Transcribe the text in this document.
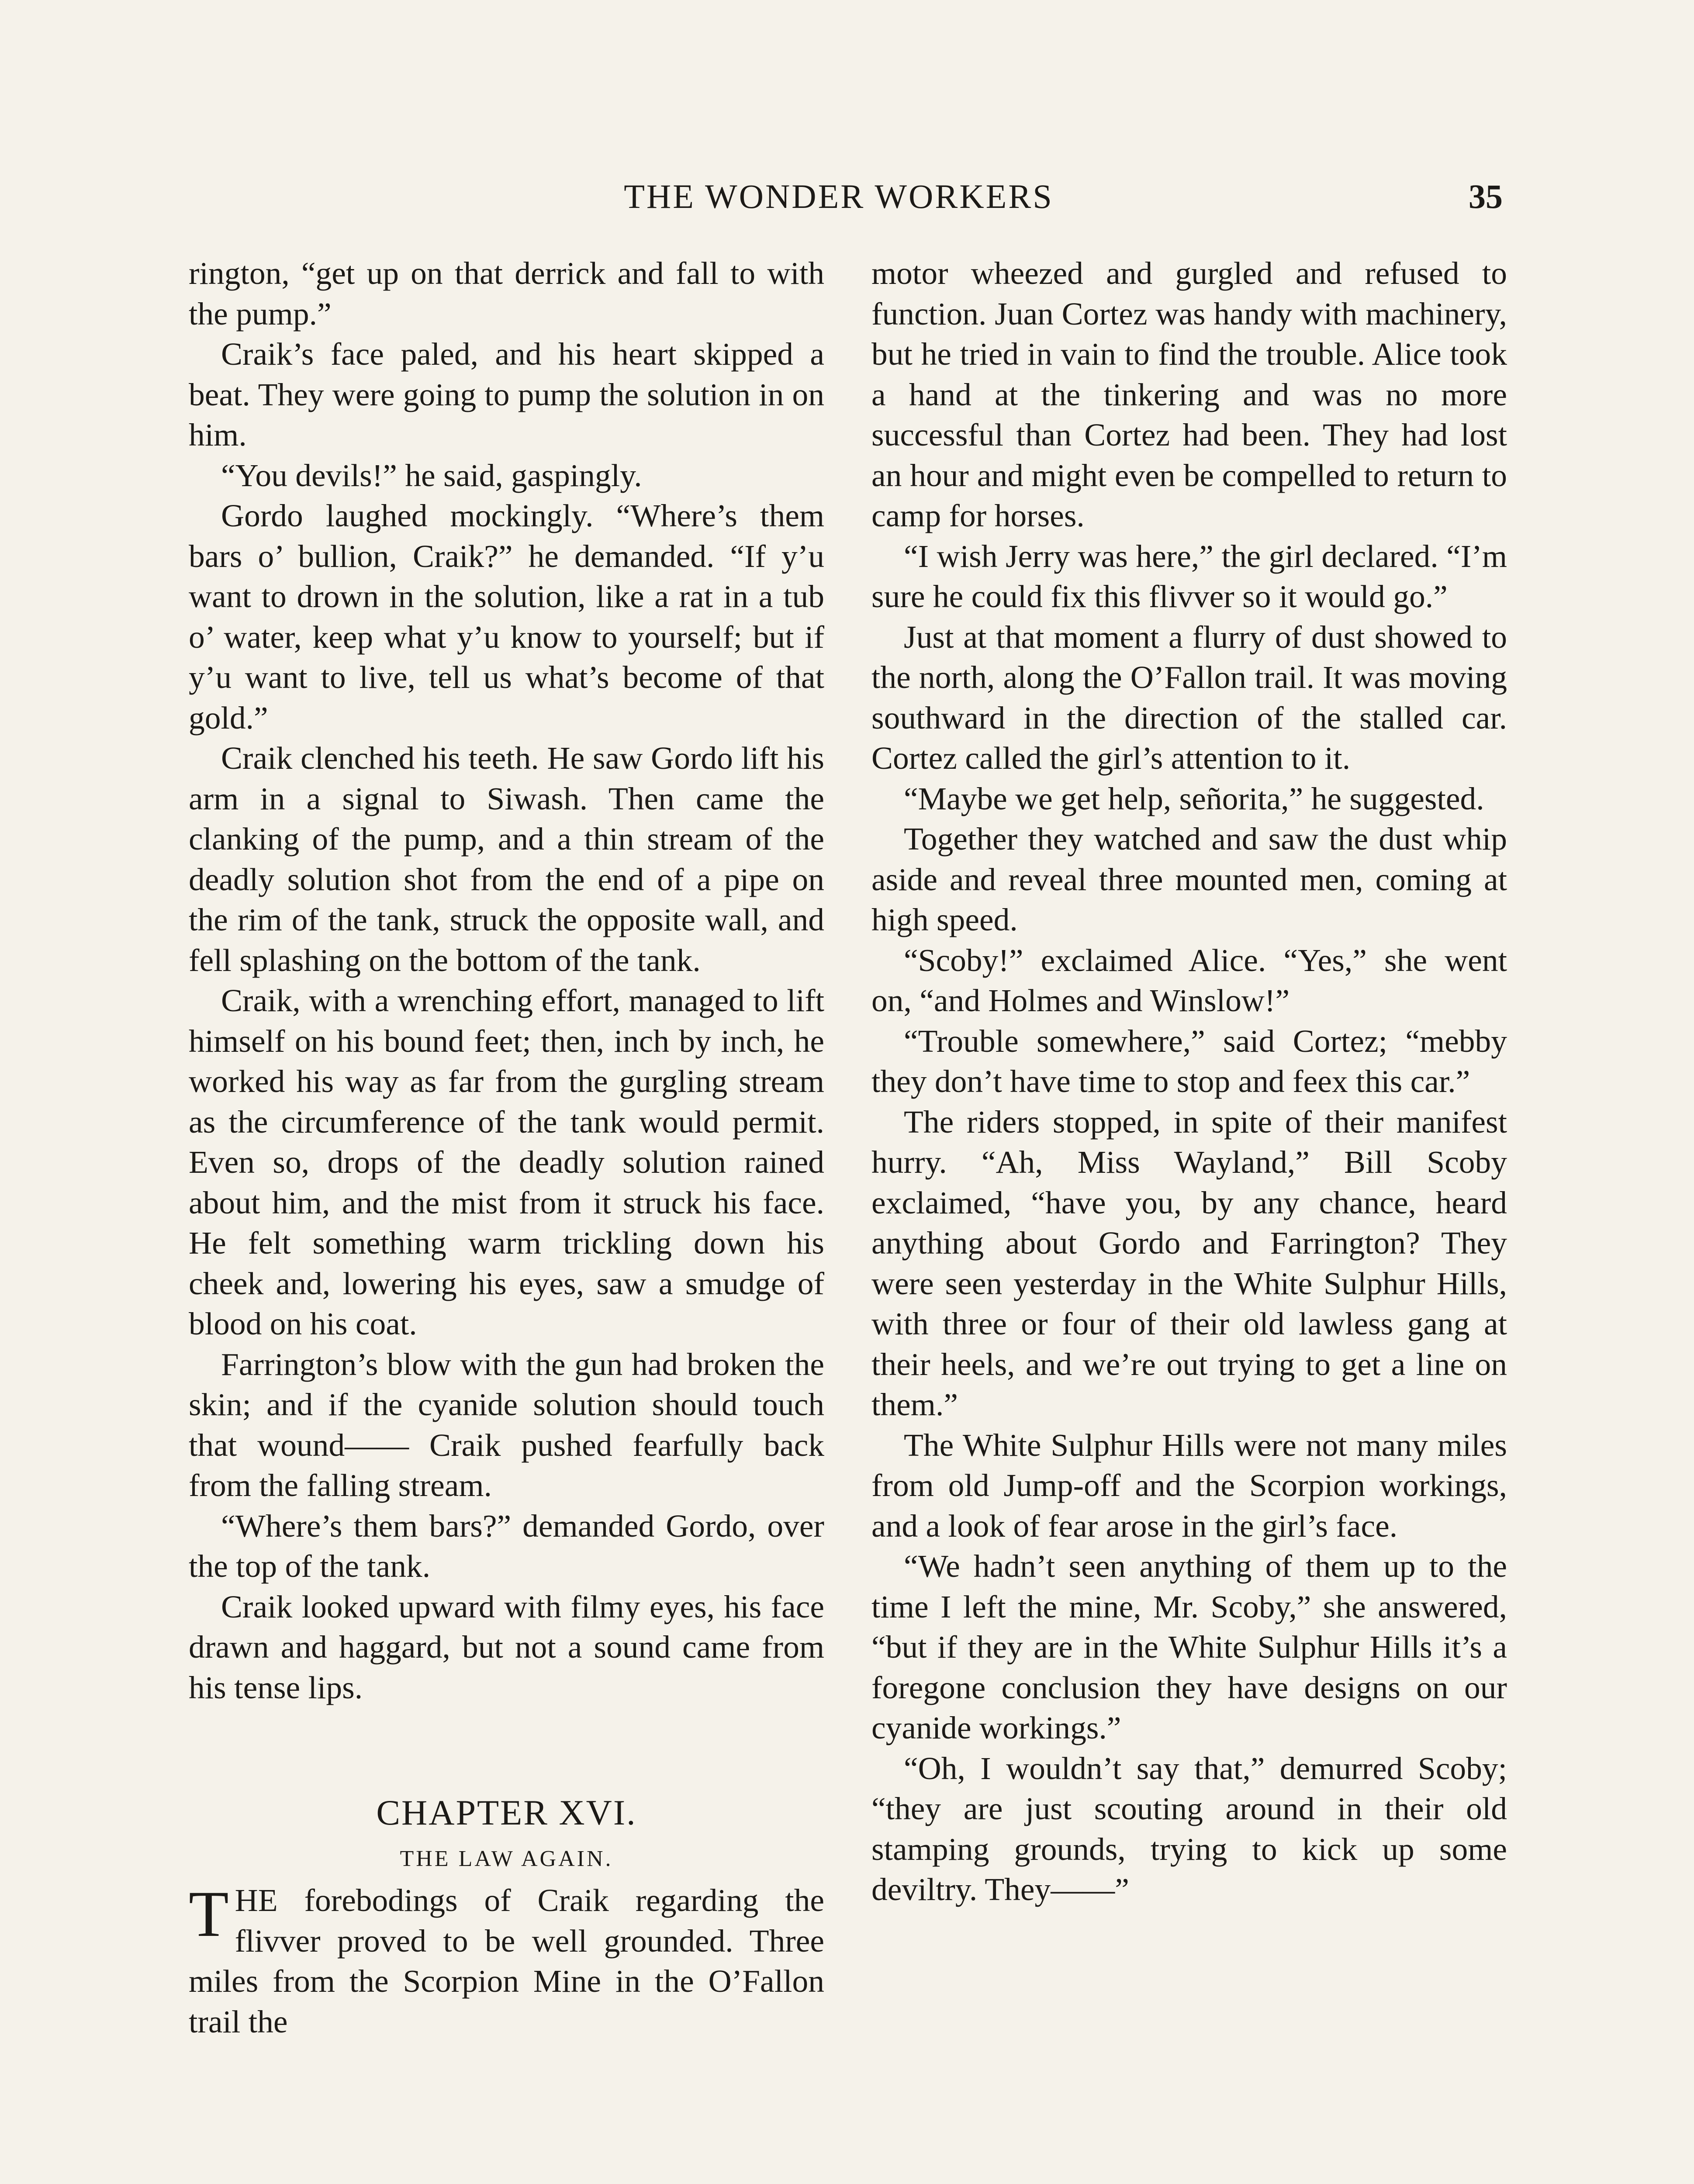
THE WONDER WORKERS	35

rington, “get up on that derrick and fall to with the pump.”

Craik’s face paled, and his heart skipped a beat. They were going to pump the solution in on him.

“You devils!” he said, gaspingly.

Gordo laughed mockingly. “Where’s them bars o’ bullion, Craik?” he demanded. “If y’u want to drown in the solution, like a rat in a tub o’ water, keep what y’u know to yourself; but if y’u want to live, tell us what’s become of that gold.”

Craik clenched his teeth. He saw Gordo lift his arm in a signal to Siwash. Then came the clanking of the pump, and a thin stream of the deadly solution shot from the end of a pipe on the rim of the tank, struck the opposite wall, and fell splashing on the bottom of the tank.

Craik, with a wrenching effort, managed to lift himself on his bound feet; then, inch by inch, he worked his way as far from the gurgling stream as the circumference of the tank would permit. Even so, drops of the deadly solution rained about him, and the mist from it struck his face. He felt something warm trickling down his cheek and, lowering his eyes, saw a smudge of blood on his coat.

Farrington’s blow with the gun had broken the skin; and if the cyanide solution should touch that wound—— Craik pushed fearfully back from the falling stream.

“Where’s them bars?” demanded Gordo, over the top of the tank.

Craik looked upward with filmy eyes, his face drawn and haggard, but not a sound came from his tense lips.

CHAPTER XVI.
THE LAW AGAIN.

THE forebodings of Craik regarding the flivver proved to be well grounded. Three miles from the Scorpion Mine in the O’Fallon trail the

motor wheezed and gurgled and refused to function. Juan Cortez was handy with machinery, but he tried in vain to find the trouble. Alice took a hand at the tinkering and was no more successful than Cortez had been. They had lost an hour and might even be compelled to return to camp for horses.

“I wish Jerry was here,” the girl declared. “I’m sure he could fix this flivver so it would go.”

Just at that moment a flurry of dust showed to the north, along the O’Fallon trail. It was moving southward in the direction of the stalled car. Cortez called the girl’s attention to it.

“Maybe we get help, señorita,” he suggested.

Together they watched and saw the dust whip aside and reveal three mounted men, coming at high speed.

“Scoby!” exclaimed Alice. “Yes,” she went on, “and Holmes and Winslow!”

“Trouble somewhere,” said Cortez; “mebby they don’t have time to stop and feex this car.”

The riders stopped, in spite of their manifest hurry. “Ah, Miss Wayland,” Bill Scoby exclaimed, “have you, by any chance, heard anything about Gordo and Farrington? They were seen yesterday in the White Sulphur Hills, with three or four of their old lawless gang at their heels, and we’re out trying to get a line on them.”

The White Sulphur Hills were not many miles from old Jump-off and the Scorpion workings, and a look of fear arose in the girl’s face.

“We hadn’t seen anything of them up to the time I left the mine, Mr. Scoby,” she answered, “but if they are in the White Sulphur Hills it’s a foregone conclusion they have designs on our cyanide workings.”

“Oh, I wouldn’t say that,” demurred Scoby; “they are just scouting around in their old stamping grounds, trying to kick up some deviltry. They——”
